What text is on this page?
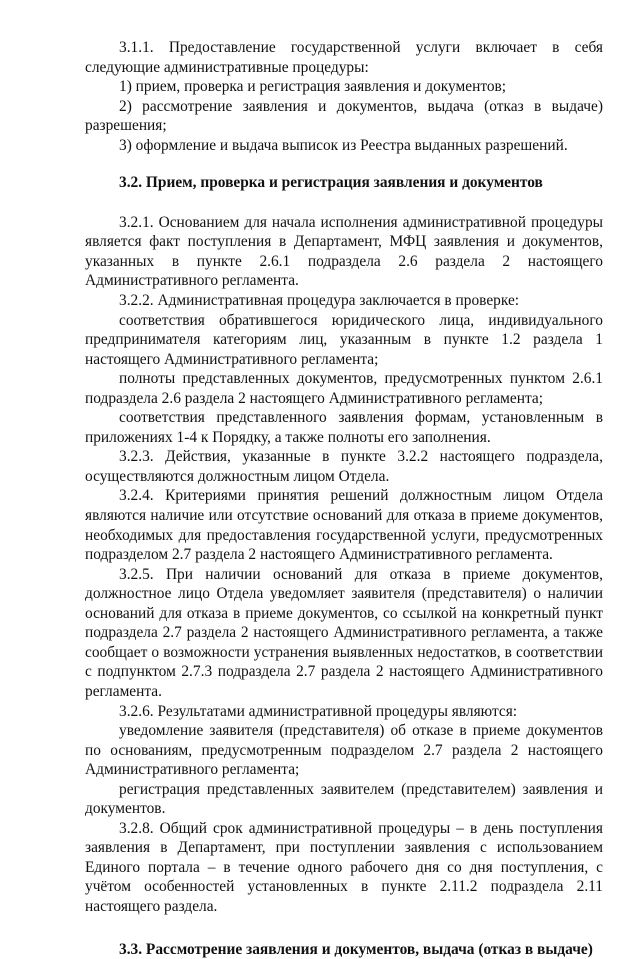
3.1.1. Предоставление государственной услуги включает в себя следующие административные процедуры:

1) прием, проверка и регистрация заявления и документов;

2) рассмотрение заявления и документов, выдача (отказ в выдаче) разрешения;

3) оформление и выдача выписок из Реестра выданных разрешений.

3.2. Прием, проверка и регистрация заявления и документов

3.2.1. Основанием для начала исполнения административной процедуры является факт поступления в Департамент, МФЦ заявления и документов, указанных в пункте 2.6.1 подраздела 2.6 раздела 2 настоящего Административного регламента.

3.2.2. Административная процедура заключается в проверке:

соответствия обратившегося юридического лица, индивидуального предпринимателя категориям лиц, указанным в пункте 1.2 раздела 1 настоящего Административного регламента;

полноты представленных документов, предусмотренных пунктом 2.6.1 подраздела 2.6 раздела 2 настоящего Административного регламента;

соответствия представленного заявления формам, установленным в приложениях 1-4 к Порядку, а также полноты его заполнения.

3.2.3. Действия, указанные в пункте 3.2.2 настоящего подраздела, осуществляются должностным лицом Отдела.

3.2.4. Критериями принятия решений должностным лицом Отдела являются наличие или отсутствие оснований для отказа в приеме документов, необходимых для предоставления государственной услуги, предусмотренных подразделом 2.7 раздела 2 настоящего Административного регламента.

3.2.5. При наличии оснований для отказа в приеме документов, должностное лицо Отдела уведомляет заявителя (представителя) о наличии оснований для отказа в приеме документов, со ссылкой на конкретный пункт подраздела 2.7 раздела 2 настоящего Административного регламента, а также сообщает о возможности устранения выявленных недостатков, в соответствии с подпунктом 2.7.3 подраздела 2.7 раздела 2 настоящего Административного регламента.

3.2.6. Результатами административной процедуры являются:

уведомление заявителя (представителя) об отказе в приеме документов по основаниям, предусмотренным подразделом 2.7 раздела 2 настоящего Административного регламента;

регистрация представленных заявителем (представителем) заявления и документов.

3.2.8. Общий срок административной процедуры – в день поступления заявления в Департамент, при поступлении заявления с использованием Единого портала – в течение одного рабочего дня со дня поступления, с учётом особенностей установленных в пункте 2.11.2 подраздела 2.11 настоящего раздела.

3.3. Рассмотрение заявления и документов, выдача (отказ в выдаче)
